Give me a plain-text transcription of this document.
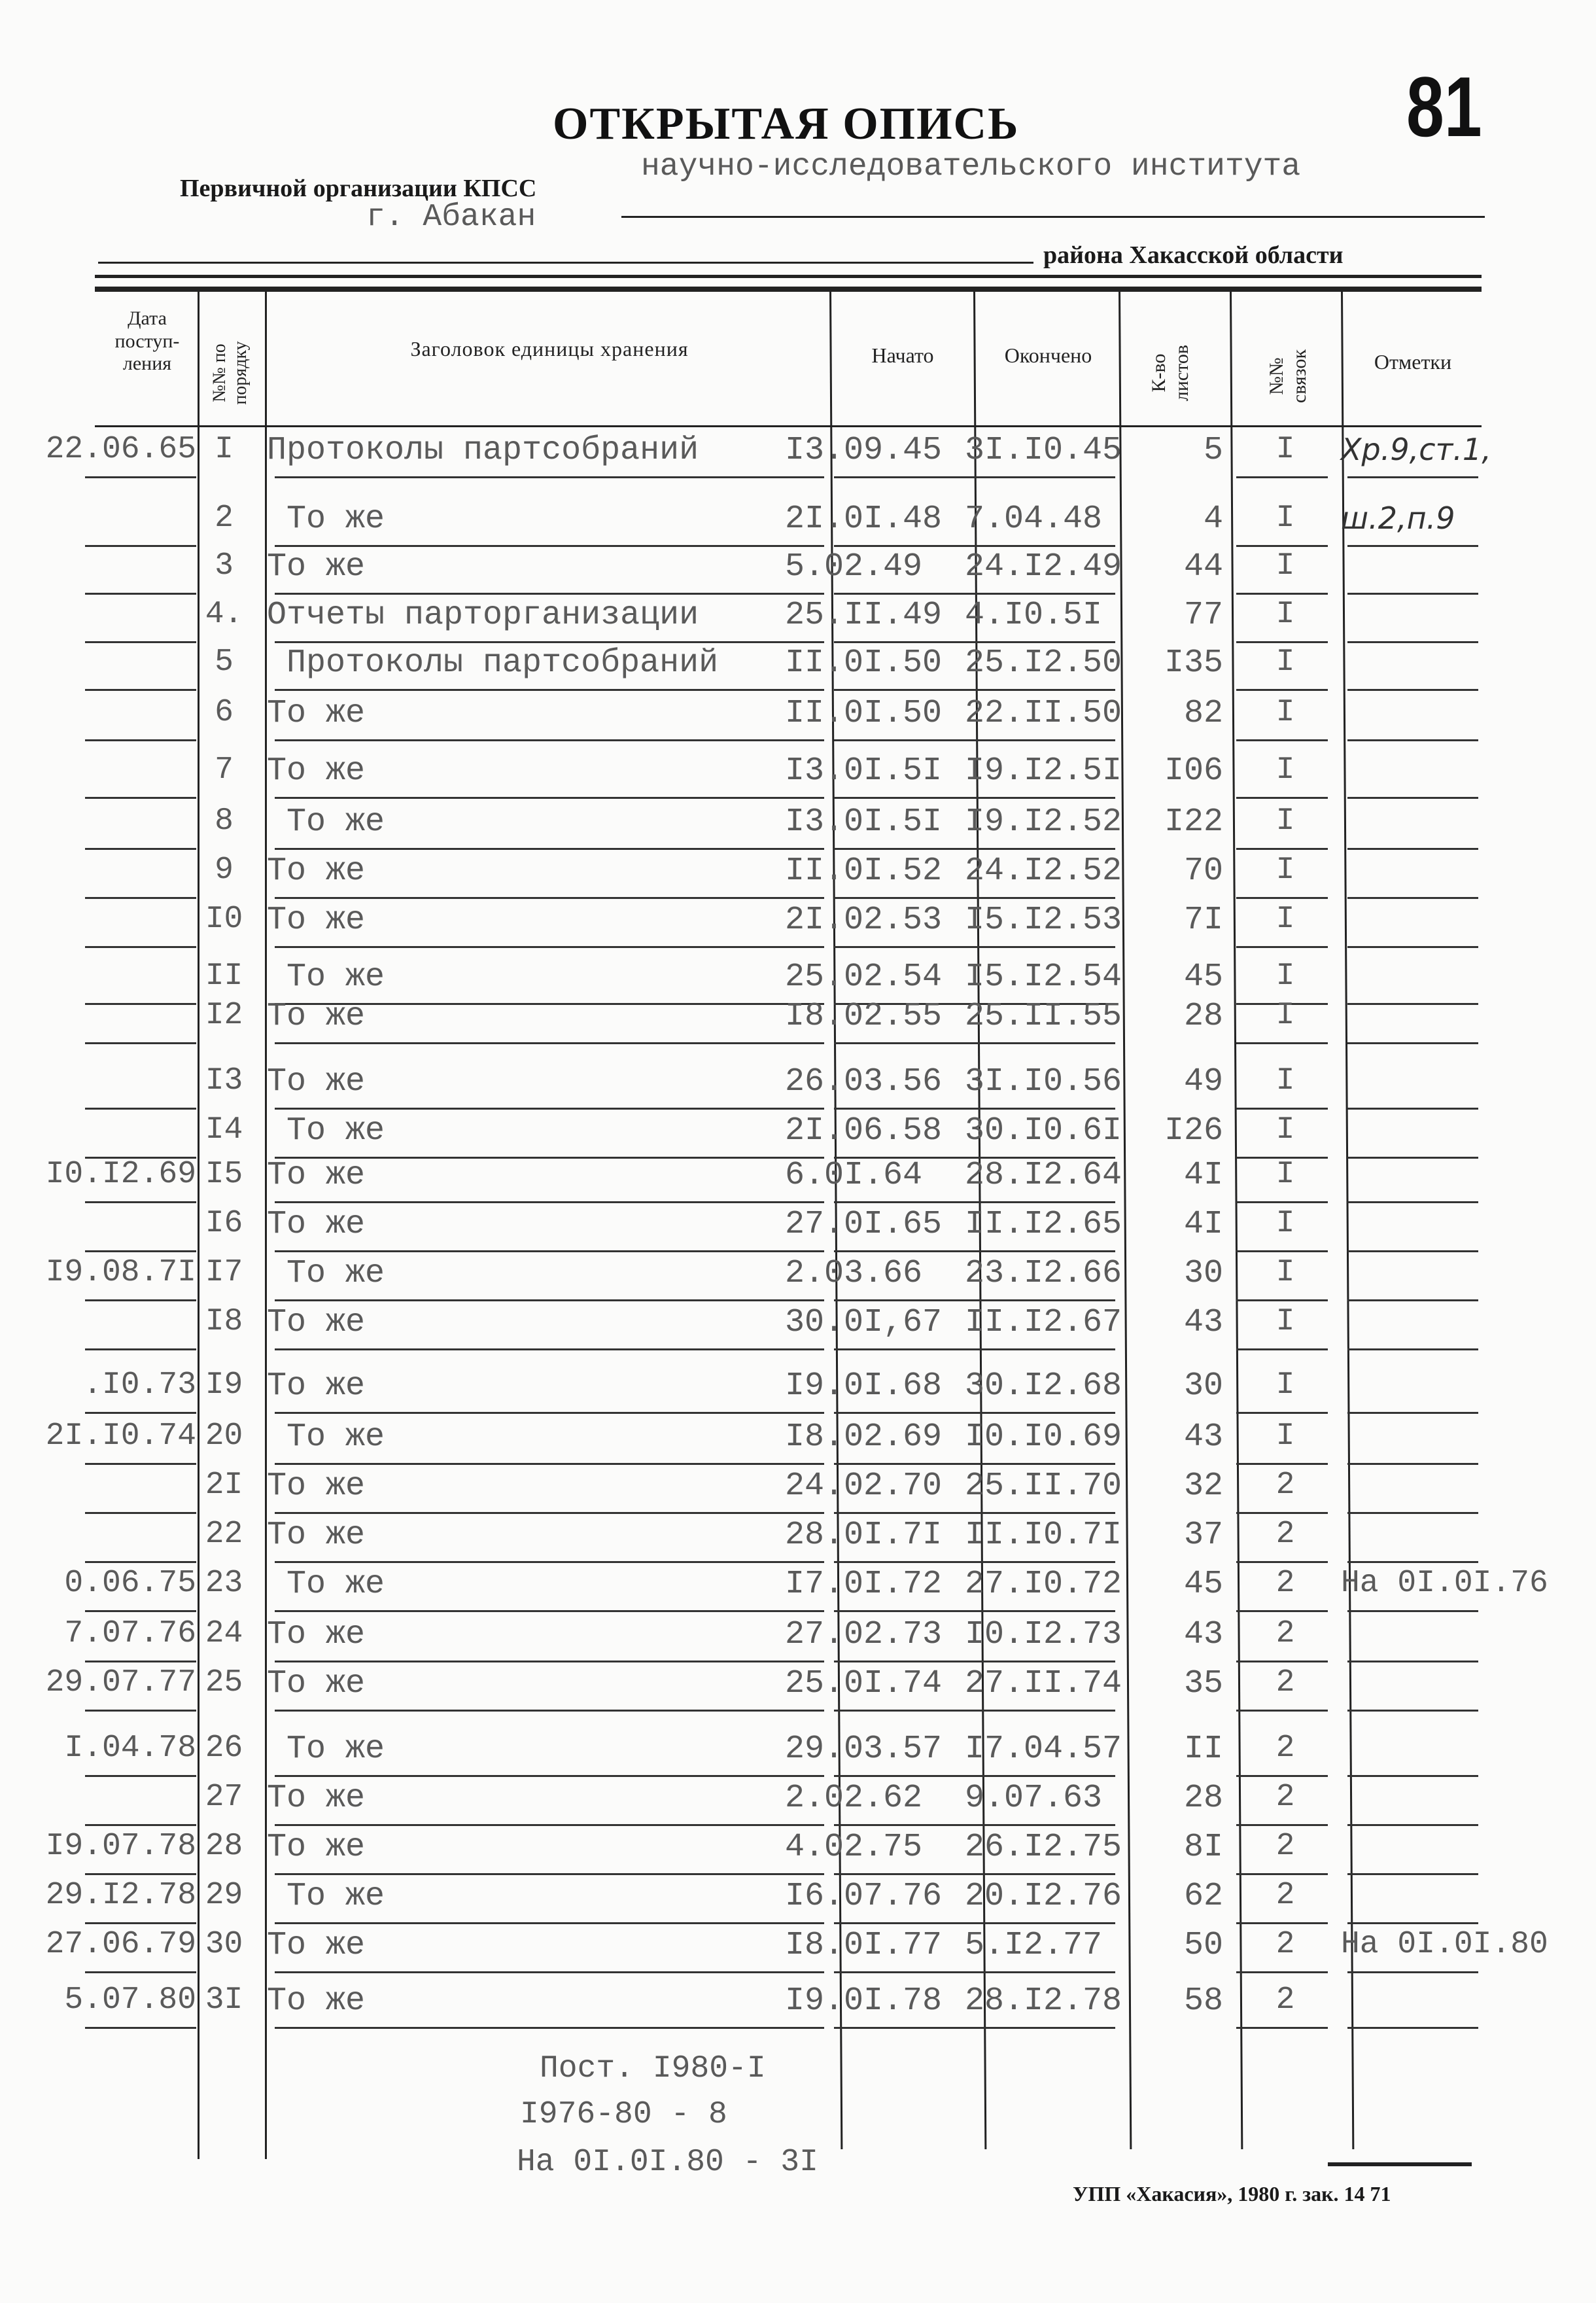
81
ОТКРЫТАЯ ОПИСЬ
Первичной организации КПСС
научно-исследовательского института
г. Абакан
района Хакасской области
Дата поступ-ления	№№ по порядку	Заголовок единицы хранения	Начато	Окончено	К-во листов	№№ связок	Отметки
22.06.65 I	Протоколы партсобраний	I3.09.45 3I.I0.45	5	I	Хр.9,ст.1,
2	То же	2I.0I.48 7.04.48	4	I	ш.2,п.9
3	То же	5.02.49	24.I2.49	44	I
4. Отчеты парторганизации	25.II.49 4.I0.5I	77	I
5	Протоколы партсобраний	II.0I.50 25.I2.50	I35	I
6	То же	II.0I.50 22.II.50	82	I
7	То же	I3.0I.5I I9.I2.5I	I06	I
8	То же	I3.0I.5I I9.I2.52	I22	I
9	То же	II.0I.52 24.I2.52	70	I
I0 То же	2I.02.53 I5.I2.53	7I	I
II	То же	25.02.54 I5.I2.54	45	I
I2 То же	I8.02.55 25.II.55	28	I
I3 То же	26.03.56 3I.I0.56	49	I
I4	То же	2I.06.58 30.I0.6I	I26	I
I0.I2.69 I5 То же	6.0I.64	28.I2.64	4I	I
I6 То же	27.0I.65 II.I2.65	4I	I
I9.08.7I I7	То же	2.03.66	23.I2.66	30	I
I8 То же	30.0I,67 II.I2.67	43	I
.I0.73 I9 То же	I9.0I.68 30.I2.68	30	I
2I.I0.74 20	То же	I8.02.69 I0.I0.69	43	I
2I То же	24.02.70 25.II.70	32	2
22 То же	28.0I.7I II.I0.7I	37	2
0.06.75 23	То же	I7.0I.72 27.I0.72	45	2	На 0I.0I.76
7.07.76 24 То же	27.02.73 I0.I2.73	43	2
29.07.77 25 То же	25.0I.74 27.II.74	35	2
I.04.78 26	То же	29.03.57 I7.04.57	II	2
27 То же	2.02.62	9.07.63	28	2
I9.07.78 28 То же	4.02.75	26.I2.75	8I	2
29.I2.78 29	То же	I6.07.76 20.I2.76	62	2
27.06.79 30 То же	I8.0I.77 5.I2.77	50	2	На 0I.0I.80
5.07.80 3I То же	I9.0I.78 28.I2.78	58	2
Пост. I980-I
I976-80 - 8
На 0I.0I.80 - 3I
УПП «Хакасия», 1980 г. зак. 14 71
